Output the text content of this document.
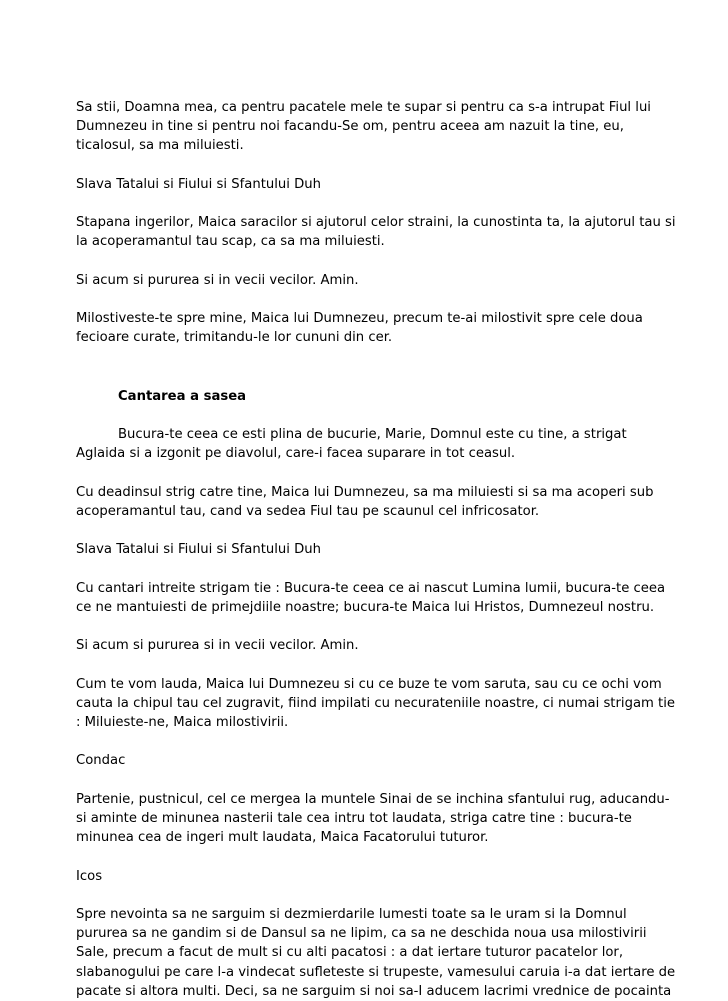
Sa stii, Doamna mea, ca pentru pacatele mele te supar si pentru ca s-a intrupat Fiul lui Dumnezeu in tine si pentru noi facandu-Se om, pentru aceea am nazuit la tine, eu, ticalosul, sa ma miluiesti.

Slava Tatalui si Fiului si Sfantului Duh

Stapana ingerilor, Maica saracilor si ajutorul celor straini, la cunostinta ta, la ajutorul tau si la acoperamantul tau scap, ca sa ma miluiesti.

Si acum si pururea si in vecii vecilor. Amin.

Milostiveste-te spre mine, Maica lui Dumnezeu, precum te-ai milostivit spre cele doua fecioare curate, trimitandu-le lor cununi din cer.

Cantarea a sasea

Bucura-te ceea ce esti plina de bucurie, Marie, Domnul este cu tine, a strigat Aglaida si a izgonit pe diavolul, care-i facea suparare in tot ceasul.

Cu deadinsul strig catre tine, Maica lui Dumnezeu, sa ma miluiesti si sa ma acoperi sub acoperamantul tau, cand va sedea Fiul tau pe scaunul cel infricosator.

Slava Tatalui si Fiului si Sfantului Duh

Cu cantari intreite strigam tie : Bucura-te ceea ce ai nascut Lumina lumii, bucura-te ceea ce ne mantuiesti de primejdiile noastre; bucura-te Maica lui Hristos, Dumnezeul nostru.

Si acum si pururea si in vecii vecilor. Amin.

Cum te vom lauda, Maica lui Dumnezeu si cu ce buze te vom saruta, sau cu ce ochi vom cauta la chipul tau cel zugravit, fiind impilati cu necurateniile noastre, ci numai strigam tie : Miluieste-ne, Maica milostivirii.

Condac

Partenie, pustnicul, cel ce mergea la muntele Sinai de se inchina sfantului rug, aducandu-si aminte de minunea nasterii tale cea intru tot laudata, striga catre tine : bucura-te minunea cea de ingeri mult laudata, Maica Facatorului tuturor.

Icos

Spre nevointa sa ne sarguim si dezmierdarile lumesti toate sa le uram si la Domnul pururea sa ne gandim si de Dansul sa ne lipim, ca sa ne deschida noua usa milostivirii Sale, precum a facut de mult si cu alti pacatosi : a dat iertare tuturor pacatelor lor, slabanogului pe care l-a vindecat sufleteste si trupeste, vamesului caruia i-a dat iertare de pacate si altora multi. Deci, sa ne sarguim si noi sa-I aducem lacrimi vrednice de pocainta
